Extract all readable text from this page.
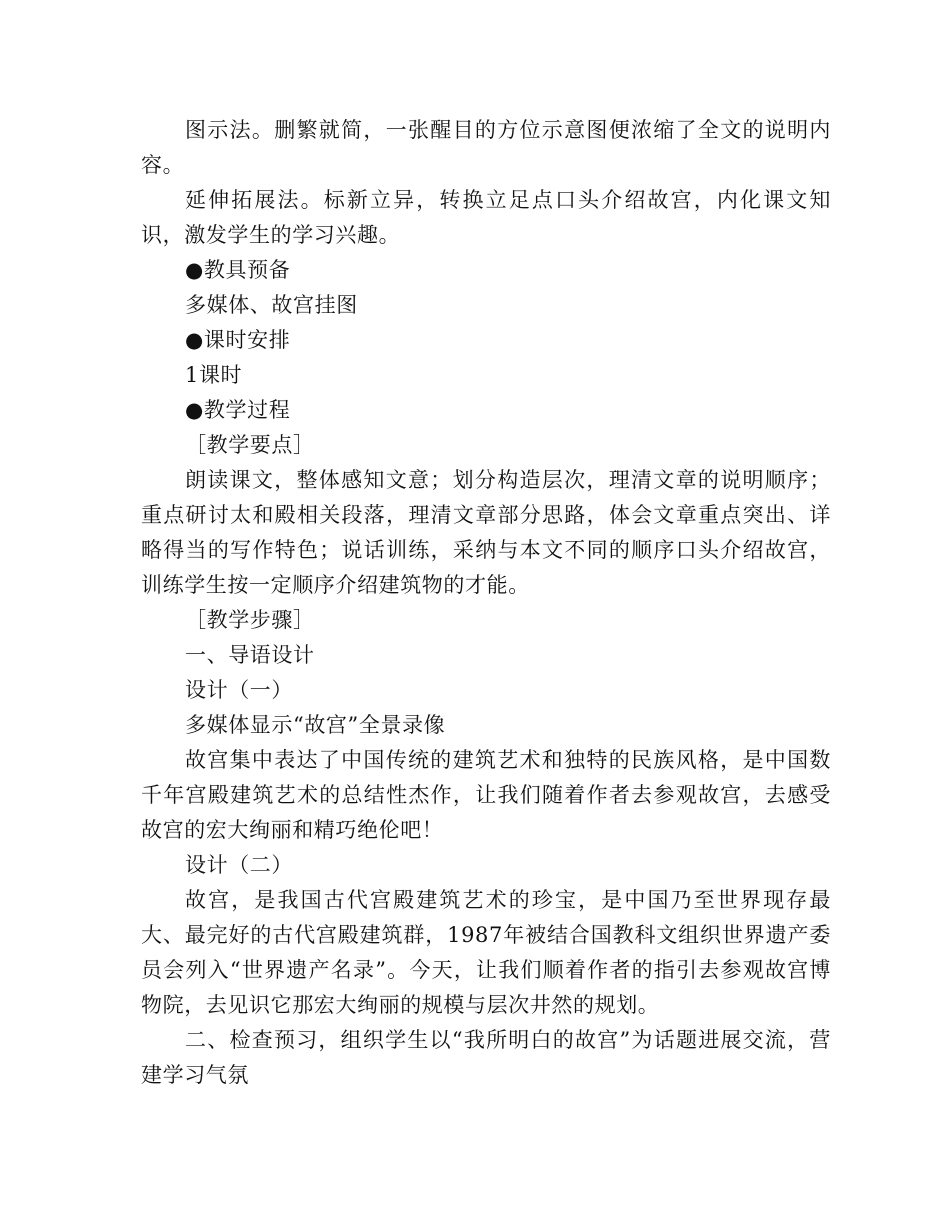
图示法。删繁就简，一张醒目的方位示意图便浓缩了全文的说明内容。

延伸拓展法。标新立异，转换立足点口头介绍故宫，内化课文知识，激发学生的学习兴趣。

●教具预备

多媒体、故宫挂图

●课时安排

1课时

●教学过程

［教学要点］

朗读课文，整体感知文意；划分构造层次，理清文章的说明顺序；重点研讨太和殿相关段落，理清文章部分思路，体会文章重点突出、详略得当的写作特色；说话训练，采纳与本文不同的顺序口头介绍故宫，训练学生按一定顺序介绍建筑物的才能。

［教学步骤］

一、导语设计

设计（一）

多媒体显示“故宫”全景录像

故宫集中表达了中国传统的建筑艺术和独特的民族风格，是中国数千年宫殿建筑艺术的总结性杰作，让我们随着作者去参观故宫，去感受故宫的宏大绚丽和精巧绝伦吧！

设计（二）

故宫，是我国古代宫殿建筑艺术的珍宝，是中国乃至世界现存最大、最完好的古代宫殿建筑群，1987年被结合国教科文组织世界遗产委员会列入“世界遗产名录”。今天，让我们顺着作者的指引去参观故宫博物院，去见识它那宏大绚丽的规模与层次井然的规划。

二、检查预习，组织学生以“我所明白的故宫”为话题进展交流，营建学习气氛
